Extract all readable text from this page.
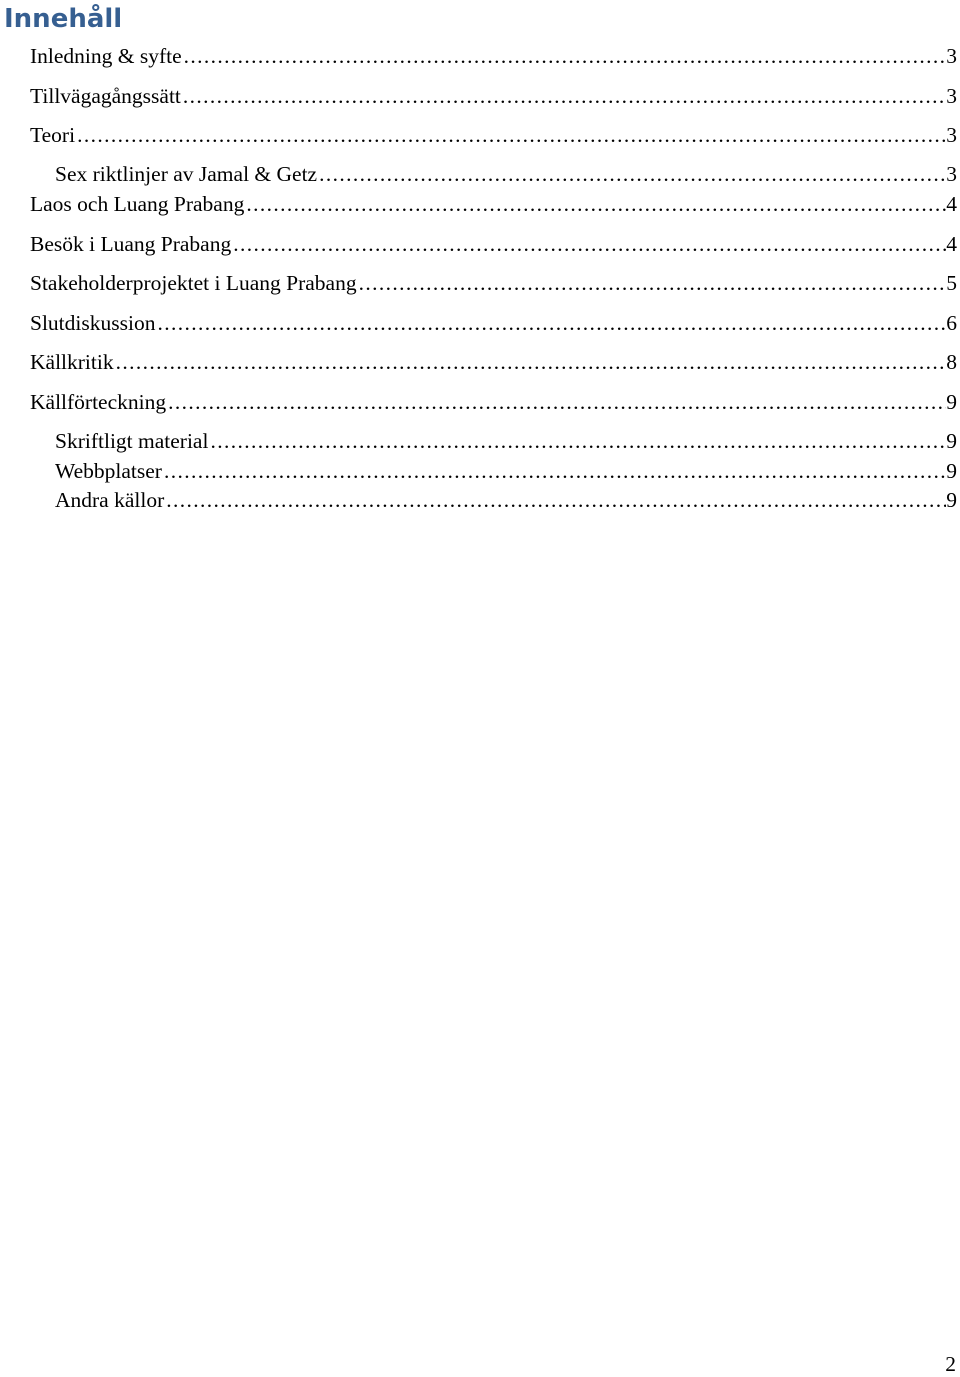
Innehåll
Inledning & syfte . . .	3
Tillvägagångssätt . . .	3
Teori . . .	3
Sex riktlinjer av Jamal & Getz . . .	3
Laos och Luang Prabang . . .	4
Besök i Luang Prabang . . .	4
Stakeholderprojektet i Luang Prabang . . .	5
Slutdiskussion . . .	6
Källkritik . . .	8
Källförteckning . . .	9
Skriftligt material . . .	9
Webbplatser . . .	9
Andra källor . . .	9
2
